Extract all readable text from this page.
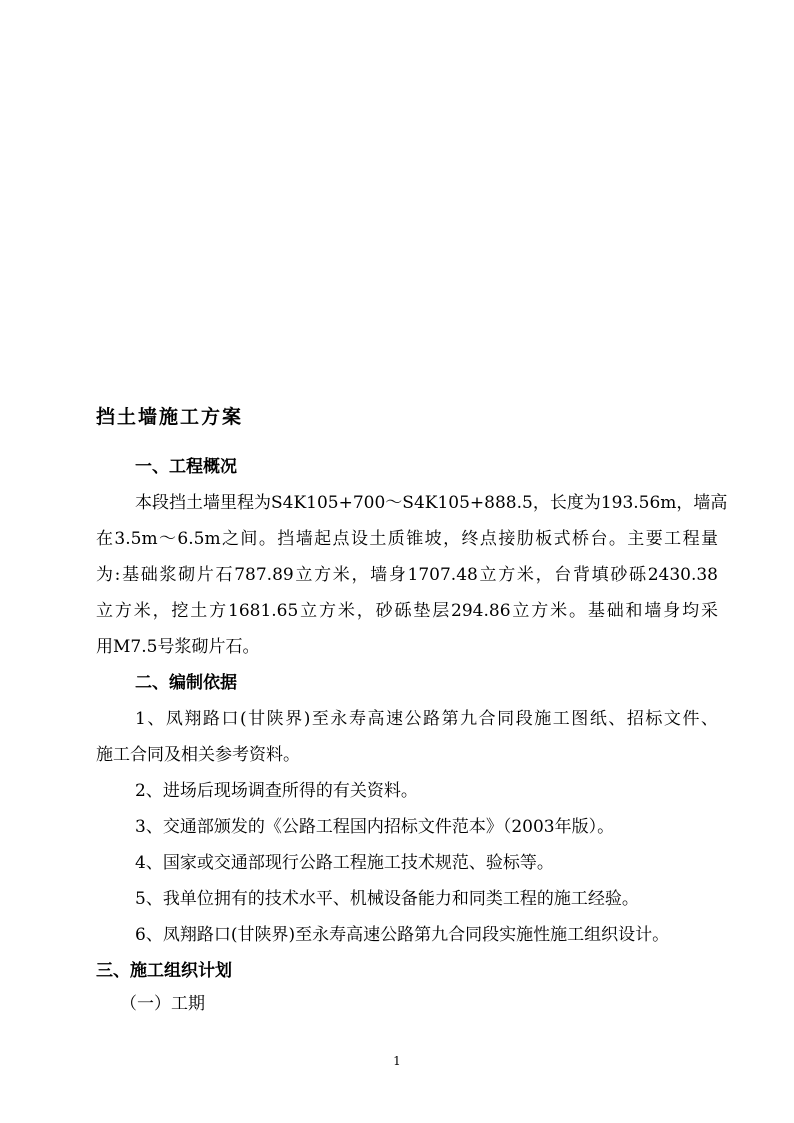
挡土墙施工方案
一、工程概况
本段挡土墙里程为S4K105+700～S4K105+888.5，长度为193.56m，墙高
在3.5m～6.5m之间。挡墙起点设土质锥坡，终点接肋板式桥台。主要工程量
为:基础浆砌片石787.89立方米，墙身1707.48立方米，台背填砂砾2430.38
立方米，挖土方1681.65立方米，砂砾垫层294.86立方米。基础和墙身均采
用M7.5号浆砌片石。
二、编制依据
1、凤翔路口(甘陕界)至永寿高速公路第九合同段施工图纸、招标文件、
施工合同及相关参考资料。
2、进场后现场调查所得的有关资料。
3、交通部颁发的《公路工程国内招标文件范本》（2003年版）。
4、国家或交通部现行公路工程施工技术规范、验标等。
5、我单位拥有的技术水平、机械设备能力和同类工程的施工经验。
6、凤翔路口(甘陕界)至永寿高速公路第九合同段实施性施工组织设计。
三、施工组织计划
（一）工期
1
